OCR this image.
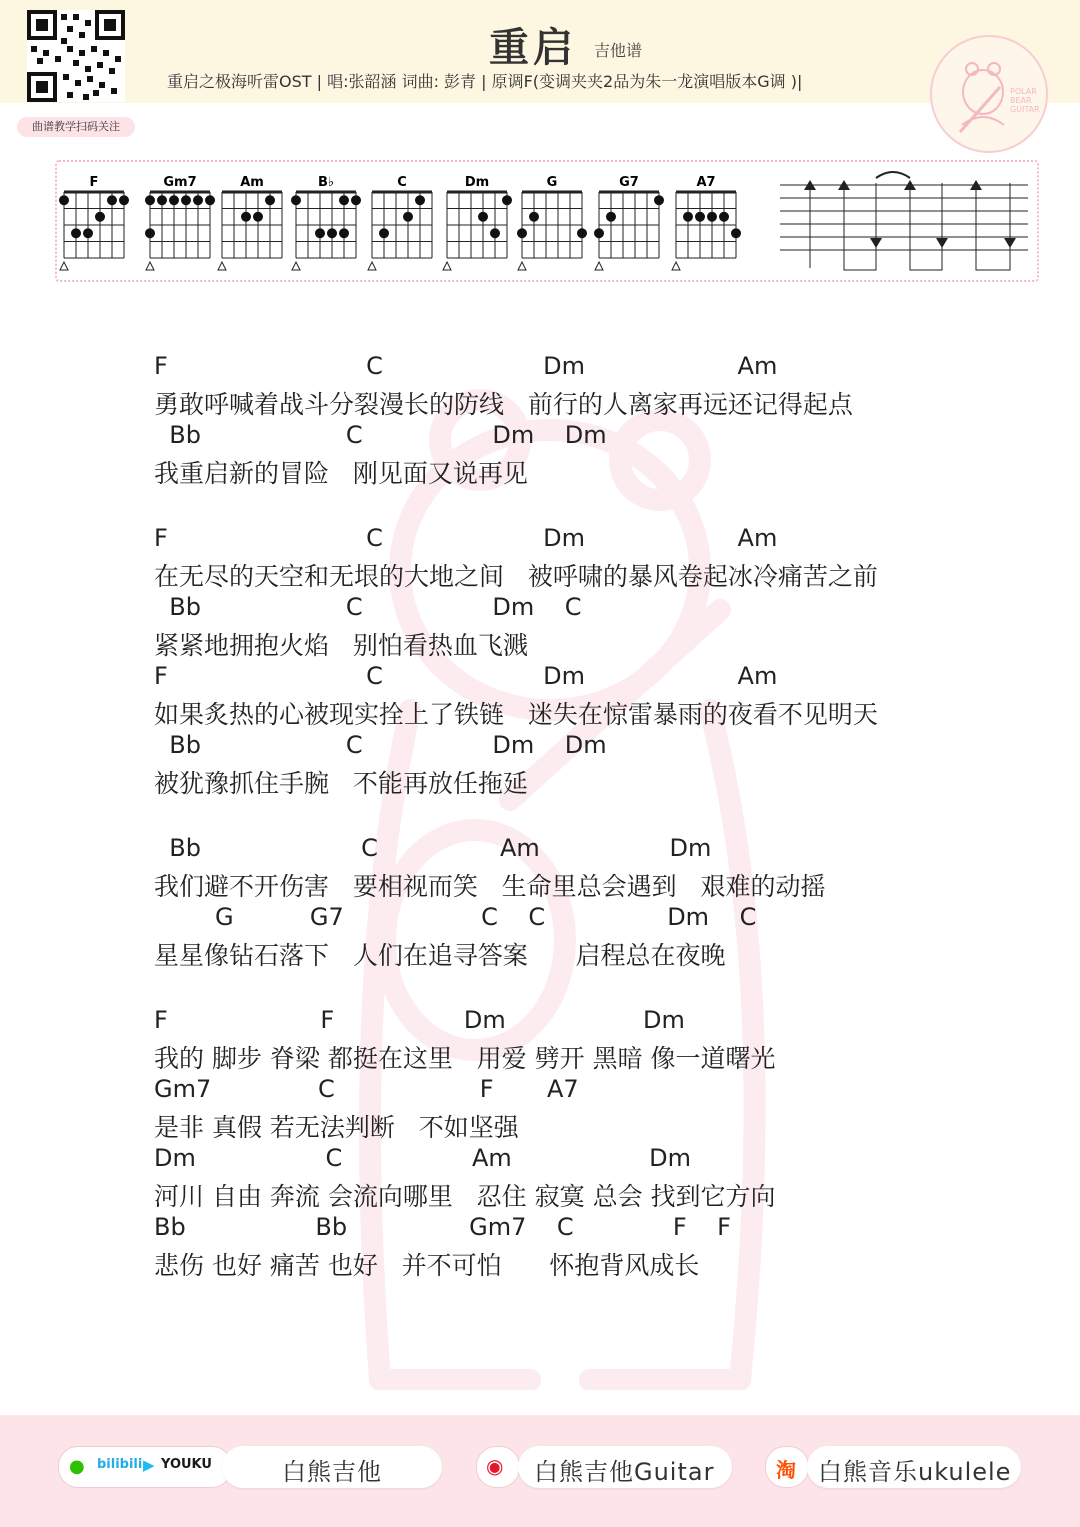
曲谱教学扫码关注
重启 吉他谱
重启之极海听雷OST | 唱:张韶涵 词曲: 彭青 | 原调F(变调夹夹2品为朱一龙演唱版本G调 )|
POLAR
BEAR
GUITAR
F	Gm7	Am	B♭	C	Dm	G	G7	A7
F                          C                     Dm                    Am
勇敢呼喊着战斗分裂漫长的防线   前行的人离家再远还记得起点
Bb                   C                 Dm    Dm
我重启新的冒险   刚见面又说再见
F                          C                     Dm                    Am
在无尽的天空和无垠的大地之间   被呼啸的暴风卷起冰冷痛苦之前
Bb                   C                 Dm    C
紧紧地拥抱火焰   别怕看热血飞溅
F                          C                     Dm                    Am
如果炙热的心被现实拴上了铁链   迷失在惊雷暴雨的夜看不见明天
Bb                   C                 Dm    Dm
被犹豫抓住手腕   不能再放任拖延
Bb                     C                Am                 Dm
我们避不开伤害   要相视而笑   生命里总会遇到   艰难的动摇
G          G7                  C    C                Dm    C
星星像钻石落下   人们在追寻答案      启程总在夜晚
F                    F                 Dm                  Dm
我的 脚步 脊梁 都挺在这里   用爱 劈开 黑暗 像一道曙光
Gm7              C                   F       A7
是非 真假 若无法判断   不如坚强
Dm                 C                 Am                  Dm
河川 自由 奔流 会流向哪里   忍住 寂寞 总会 找到它方向
Bb                 Bb                Gm7    C             F    F
悲伤 也好 痛苦 也好   并不可怕      怀抱背风成长
● bilibili ▶ YOUKU	白熊吉他	◉ 白熊吉他Guitar	淘 白熊音乐ukulele
